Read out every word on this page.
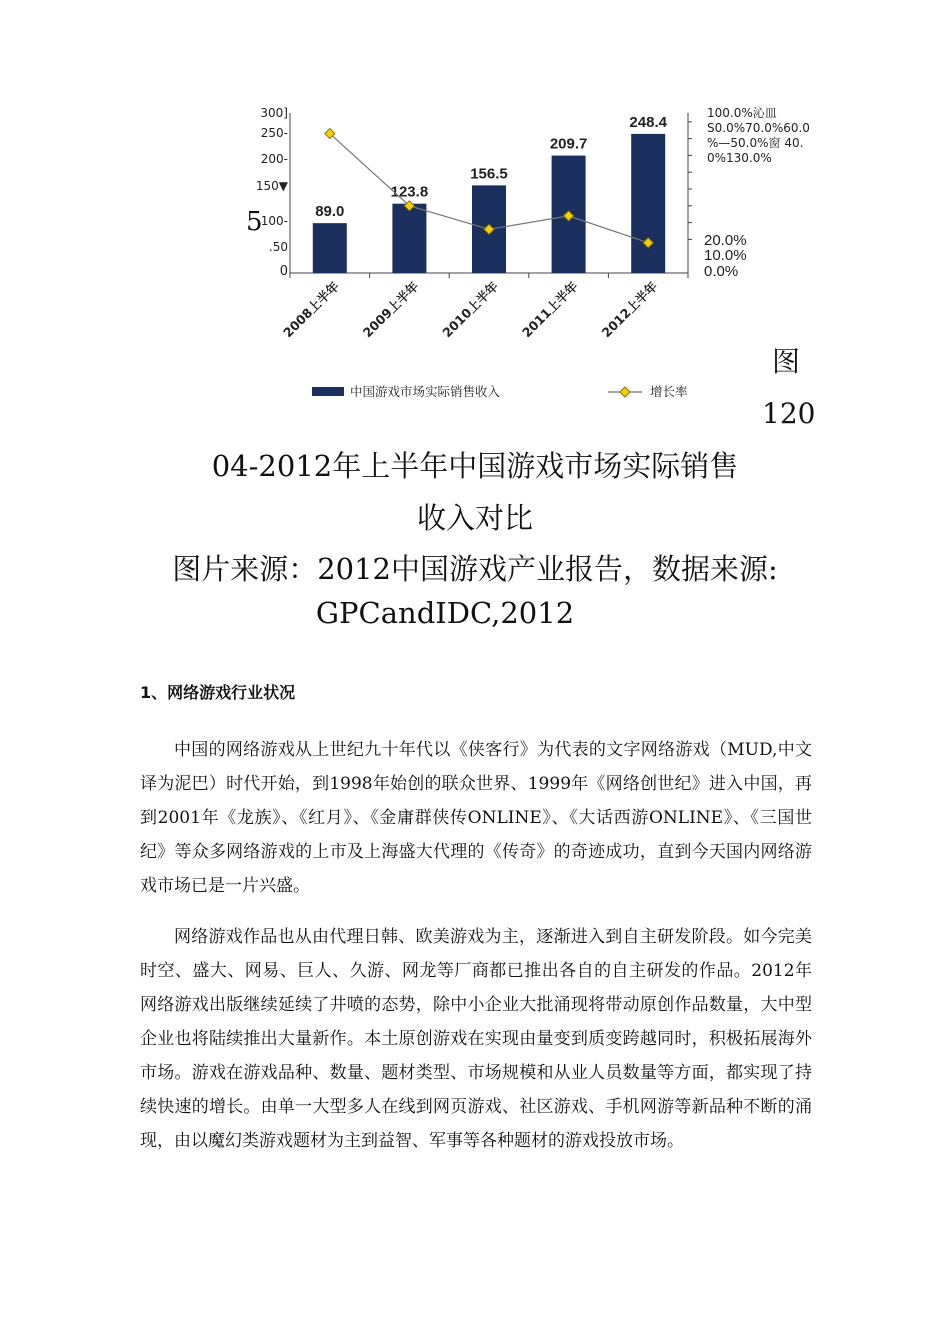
300]
250-
200-
150▼
100-
.50
0
5
100.0%沁皿
S0.0%70.0%60.0
%—50.0%窗 40.
0%130.0%
20.0%
10.0%
0.0%
89.0
123.8
156.5
209.7
248.4
2008上半年 2009上半年 2010上半年 2011上半年 2012上半年
中国游戏市场实际销售收入	增长率
图
120
04-2012年上半年中国游戏市场实际销售
收入对比
图片来源：2012中国游戏产业报告，数据来源:
GPCandIDC,2012
1、网络游戏行业状况

中国的网络游戏从上世纪九十年代以《侠客行》为代表的文字网络游戏（MUD,中文译为泥巴）时代开始，到1998年始创的联众世界、1999年《网络创世纪》进入中国，再到2001年《龙族》、《红月》、《金庸群侠传ONLINE》、《大话西游ONLINE》、《三国世纪》等众多网络游戏的上市及上海盛大代理的《传奇》的奇迹成功，直到今天国内网络游戏市场已是一片兴盛。

网络游戏作品也从由代理日韩、欧美游戏为主，逐渐进入到自主研发阶段。如今完美时空、盛大、网易、巨人、久游、网龙等厂商都已推出各自的自主研发的作品。2012年网络游戏出版继续延续了井喷的态势，除中小企业大批涌现将带动原创作品数量，大中型企业也将陆续推出大量新作。本土原创游戏在实现由量变到质变跨越同时，积极拓展海外市场。游戏在游戏品种、数量、题材类型、市场规模和从业人员数量等方面，都实现了持续快速的增长。由单一大型多人在线到网页游戏、社区游戏、手机网游等新品种不断的涌现，由以魔幻类游戏题材为主到益智、军事等各种题材的游戏投放市场。
